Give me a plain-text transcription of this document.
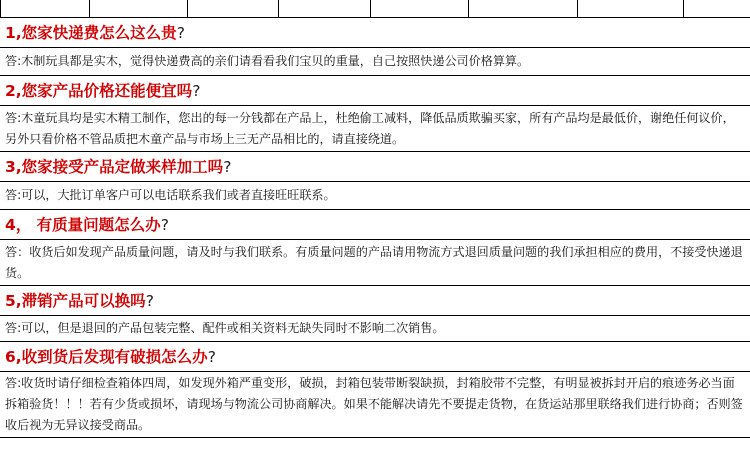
1,您家快递费怎么这么贵?
答:木制玩具都是实木，觉得快递费高的亲们请看看我们宝贝的重量，自己按照快递公司价格算算。
2,您家产品价格还能便宜吗?
答:木童玩具均是实木精工制作，您出的每一分钱都在产品上，杜绝偷工减料，降低品质欺骗买家，所有产品均是最低价，谢绝任何议价，另外只看价格不管品质把木童产品与市场上三无产品相比的，请直接绕道。
3,您家接受产品定做来样加工吗?
答:可以，大批订单客户可以电话联系我们或者直接旺旺联系。
4， 有质量问题怎么办?
答：收货后如发现产品质量问题，请及时与我们联系。有质量问题的产品请用物流方式退回质量问题的我们承担相应的费用，不接受快递退货。
5,滞销产品可以换吗?
答:可以，但是退回的产品包装完整、配件或相关资料无缺失同时不影响二次销售。
6,收到货后发现有破损怎么办?
答:收货时请仔细检查箱体四周，如发现外箱严重变形，破损，封箱包装带断裂缺损，封箱胶带不完整，有明显被拆封开启的痕迹务必当面拆箱验货！！！若有少货或损坏，请现场与物流公司协商解决。如果不能解决请先不要提走货物，在货运站那里联络我们进行协商；否则签收后视为无异议接受商品。
